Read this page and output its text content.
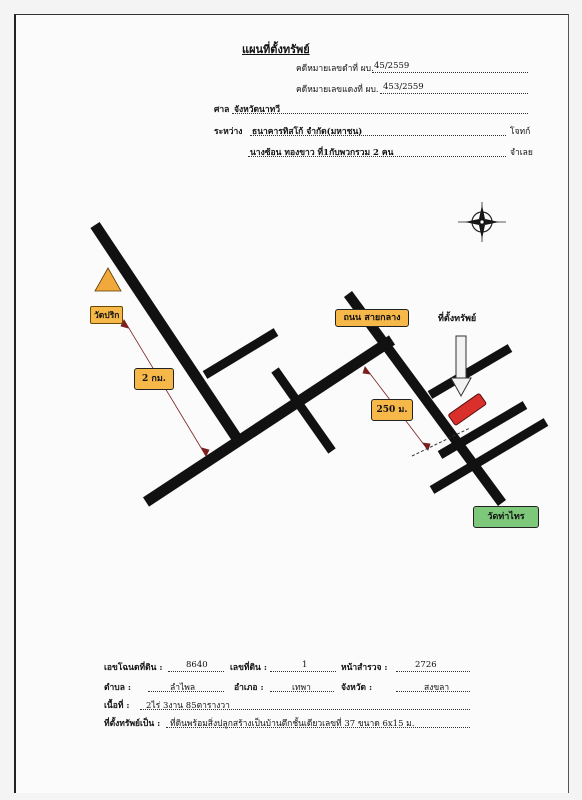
แผนที่ตั้งทรัพย์
คดีหมายเลขดำที่ ผบ. 45/2559
คดีหมายเลขแดงที่ ผบ. 453/2559
ศาล จังหวัดนาทวี
ระหว่าง ธนาคารทิสโก้ จำกัด(มหาชน)	โจทก์
นางซ้อน ทองขาว ที่1กับพวกรวม 2 คน	จำเลย
วัดปริก	ถนน สายกลาง	ที่ตั้งทรัพย์
2 กม.
250 ม.
วัดท่าไทร
เอขโฉนดที่ดิน :	8640	เลขที่ดิน :	1	หน้าสำรวจ :	2726
ตำบล :	ลำไพล	อำเภอ :	เทพา	จังหวัด :	สงขลา
เนื้อที่ : 2ไร่ 3งาน 85ตารางวา
ที่ตั้งทรัพย์เป็น : ที่ดินพร้อมสิ่งปลูกสร้างเป็นบ้านตึกชั้นเดียวเลขที่ 37 ขนาด 6x15 ม.
